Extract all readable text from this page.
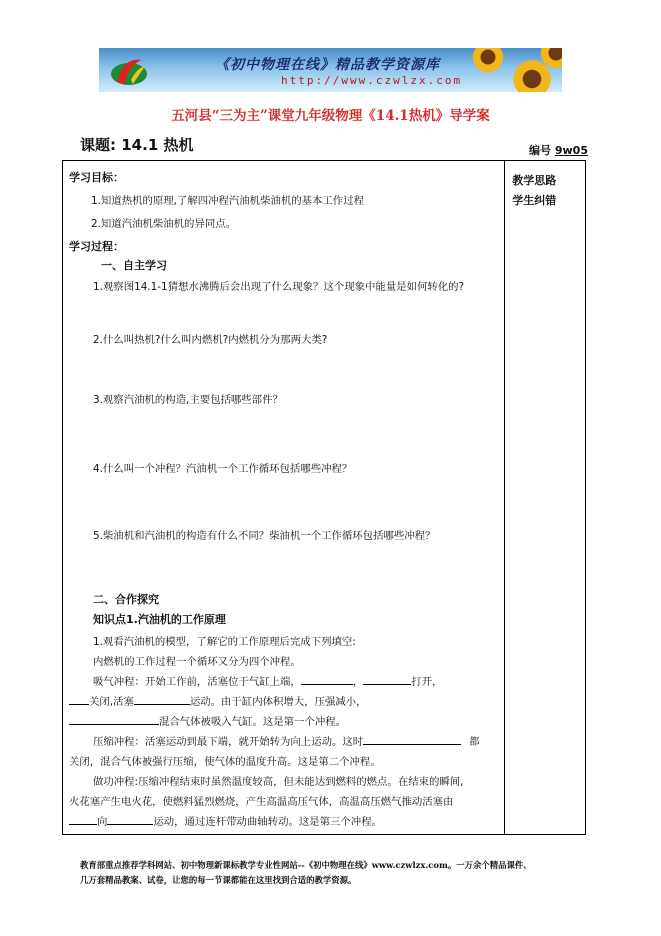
《初中物理在线》精品教学资源库
http://www.czwlzx.com
五河县“三为主”课堂九年级物理《14.1热机》导学案
课题: 14.1 热机	编号 9w05
学习目标：
1.知道热机的原理,了解四冲程汽油机柴油机的基本工作过程
2.知道汽油机柴油机的异同点。
学习过程：
一、自主学习
1.观察图14.1-1猜想水沸腾后会出现了什么现象？这个现象中能量是如何转化的?
2.什么叫热机?什么叫内燃机?内燃机分为那两大类?
3.观察汽油机的构造,主要包括哪些部件？
4.什么叫一个冲程？汽油机一个工作循环包括哪些冲程？
5.柴油机和汽油机的构造有什么不同？柴油机一个工作循环包括哪些冲程？
二、合作探究
知识点1.汽油机的工作原理
1.观看汽油机的模型，了解它的工作原理后完成下列填空:
内燃机的工作过程一个循环又分为四个冲程。
吸气冲程：开始工作前，活塞位于气缸上端，	，	打开，
关闭,活塞	运动。由于缸内体积增大，压强减小，
混合气体被吸入气缸。这是第一个冲程。
压缩冲程：活塞运动到最下端，就开始转为向上运动。这时	都
关闭，混合气体被强行压缩，使气体的温度升高。这是第二个冲程。
做功冲程:压缩冲程结束时虽然温度较高，但未能达到燃料的燃点。在结束的瞬间,
火花塞产生电火花，使燃料猛烈燃烧，产生高温高压气体，高温高压燃气推动活塞由
向	运动，通过连杆带动曲轴转动。这是第三个冲程。

教学思路
学生纠错
教育部重点推荐学科网站、初中物理新课标教学专业性网站--《初中物理在线》www.czwlzx.com。一万余个精品课件、
几万套精品教案、试卷，让您的每一节课都能在这里找到合适的教学资源。
